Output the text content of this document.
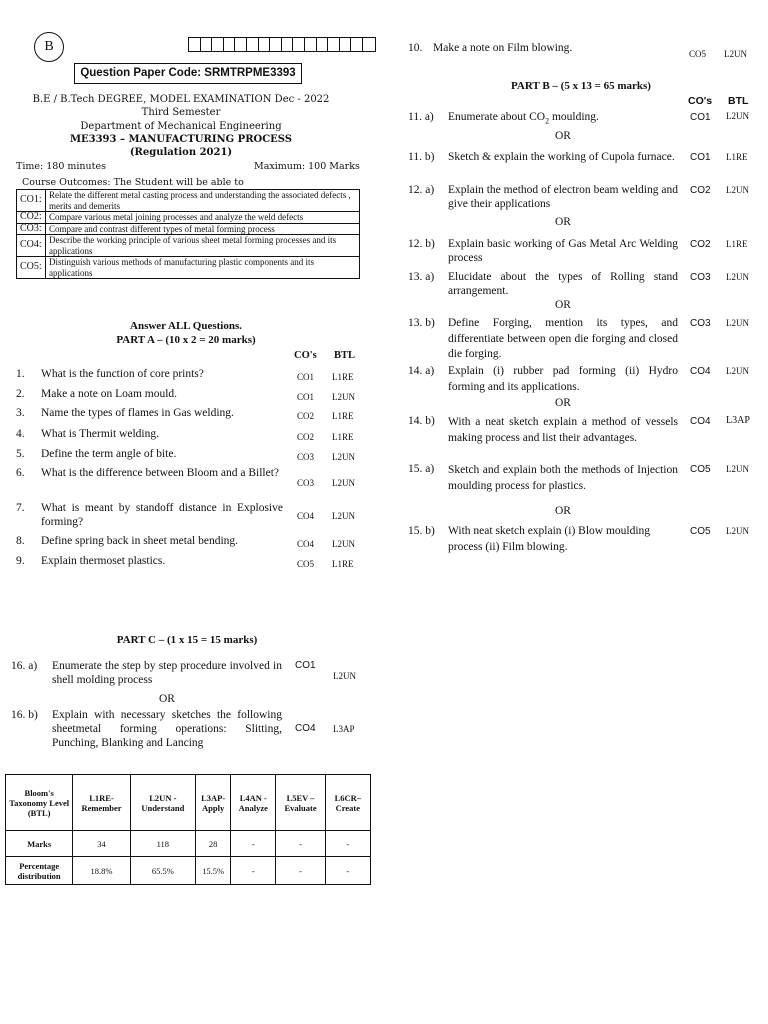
B
Question Paper Code: SRMTRPME3393
B.E / B.Tech DEGREE, MODEL EXAMINATION Dec - 2022
Third Semester
Department of Mechanical Engineering
ME3393 – MANUFACTURING PROCESS
(Regulation 2021)
Time: 180 minutes	Maximum: 100 Marks
Course Outcomes: The Student will be able to
CO1:	Relate the different metal casting process and understanding the associated defects , merits and demerits
CO2:	Compare various metal joining processes and analyze the weld defects
CO3:	Compare and contrast different types of metal forming process
CO4:	Describe the working principle of various sheet metal forming processes and its applications
CO5:	Distinguish various methods of manufacturing plastic components and its applications
Answer ALL Questions.
PART A – (10 x 2 = 20 marks)
CO's BTL
1. What is the function of core prints?	CO1 L1RE
2. Make a note on Loam mould.	CO1 L2UN
3. Name the types of flames in Gas welding.	CO2 L1RE
4. What is Thermit welding.	CO2 L1RE
5. Define the term angle of bite.	CO3 L2UN
6. What is the difference between Bloom and a Billet?
CO3 L2UN
7. What is meant by standoff distance in Explosive forming?	CO4 L2UN
8. Define spring back in sheet metal bending.	CO4 L2UN
9. Explain thermoset plastics.	CO5 L1RE
10. Make a note on Film blowing.	CO5 L2UN
PART B – (5 x 13 = 65 marks)
CO's BTL
11. a) Enumerate about $CO_2$ moulding.	CO1 L2UN
OR
11. b) Sketch & explain the working of Cupola furnace.	CO1 L1RE
12. a) Explain the method of electron beam welding and give their applications
CO2 L2UN
OR
12. b) Explain basic working of Gas Metal Arc Welding process
CO2 L1RE
13. a) Elucidate about the types of Rolling stand arrangement.
CO3 L2UN
OR
13. b) Define Forging, mention its types, and differentiate between open die forging and closed die forging.
CO3 L2UN
14. a) Explain (i) rubber pad forming (ii) Hydro forming and its applications.
CO4 L2UN
OR
14. b) With a neat sketch explain a method of vessels making process and list their advantages.
CO4 L3AP
15. a) Sketch and explain both the methods of Injection moulding process for plastics.
CO5 L2UN
OR
15. b) With neat sketch explain (i) Blow moulding process (ii) Film blowing.
CO5 L2UN
PART C – (1 x 15 = 15 marks)
16. a) Enumerate the step by step procedure involved in shell molding process
CO1
L2UN
OR
16. b) Explain with necessary sketches the following sheetmetal forming operations: Slitting, Punching, Blanking and Lancing
CO4 L3AP
Bloom's Taxonomy Level (BTL)	L1RE- Remember	L2UN - Understand	L3AP- Apply	L4AN - Analyze	L5EV – Evaluate	L6CR– Create
Marks	34	118	28	-	-	-
Percentage distribution	18.8%	65.5%	15.5%	-	-	-
